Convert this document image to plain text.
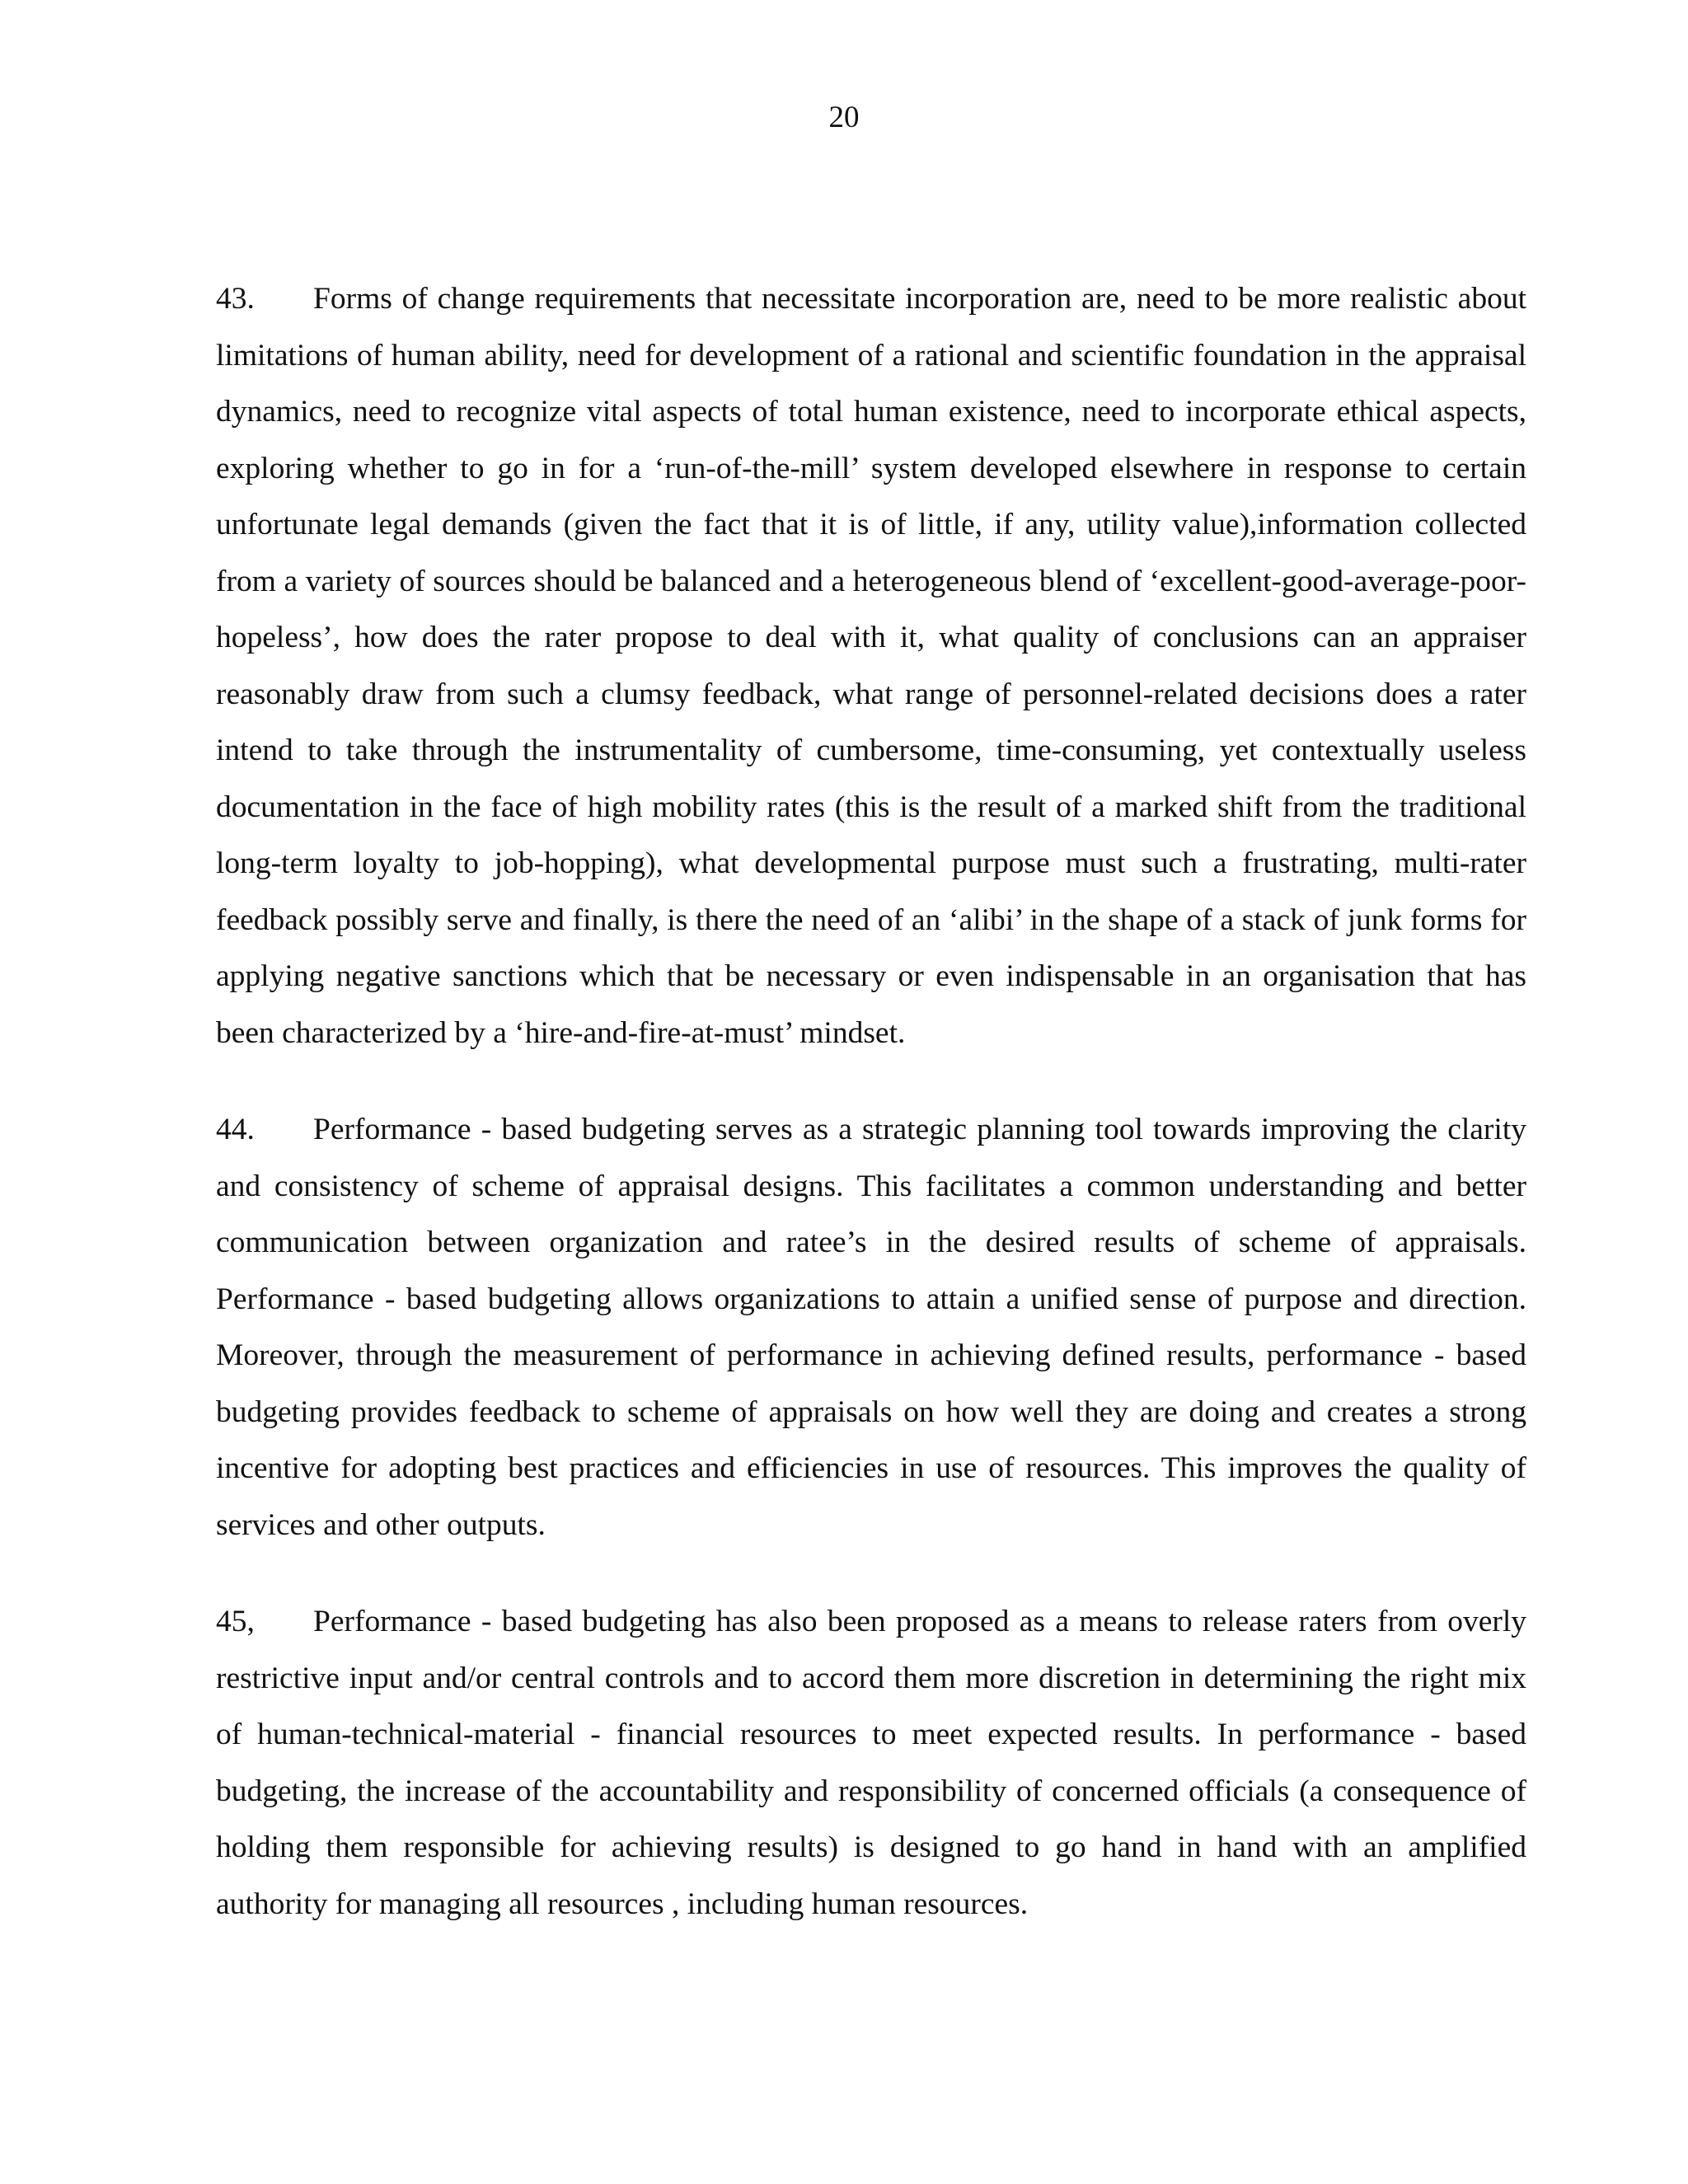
20

43. Forms of change requirements that necessitate incorporation are, need to be more realistic about limitations of human ability, need for development of a rational and scientific foundation in the appraisal dynamics, need to recognize vital aspects of total human existence, need to incorporate ethical aspects, exploring whether to go in for a ‘run-of-the-mill’ system developed elsewhere in response to certain unfortunate legal demands (given the fact that it is of little, if any, utility value),information collected from a variety of sources should be balanced and a heterogeneous blend of ‘excellent-good-average-poor-hopeless’, how does the rater propose to deal with it, what quality of conclusions can an appraiser reasonably draw from such a clumsy feedback, what range of personnel-related decisions does a rater intend to take through the instrumentality of cumbersome, time-consuming, yet contextually useless documentation in the face of high mobility rates (this is the result of a marked shift from the traditional long-term loyalty to job-hopping), what developmental purpose must such a frustrating, multi-rater feedback possibly serve and finally, is there the need of an ‘alibi’ in the shape of a stack of junk forms for applying negative sanctions which that be necessary or even indispensable in an organisation that has been characterized by a ‘hire-and-fire-at-must’ mindset.

44. Performance - based budgeting serves as a strategic planning tool towards improving the clarity and consistency of scheme of appraisal designs. This facilitates a common understanding and better communication between organization and ratee’s in the desired results of scheme of appraisals. Performance - based budgeting allows organizations to attain a unified sense of purpose and direction. Moreover, through the measurement of performance in achieving defined results, performance - based budgeting provides feedback to scheme of appraisals on how well they are doing and creates a strong incentive for adopting best practices and efficiencies in use of resources. This improves the quality of services and other outputs.

45, Performance - based budgeting has also been proposed as a means to release raters from overly restrictive input and/or central controls and to accord them more discretion in determining the right mix of human-technical-material - financial resources to meet expected results. In performance - based budgeting, the increase of the accountability and responsibility of concerned officials (a consequence of holding them responsible for achieving results) is designed to go hand in hand with an amplified authority for managing all resources , including human resources.
